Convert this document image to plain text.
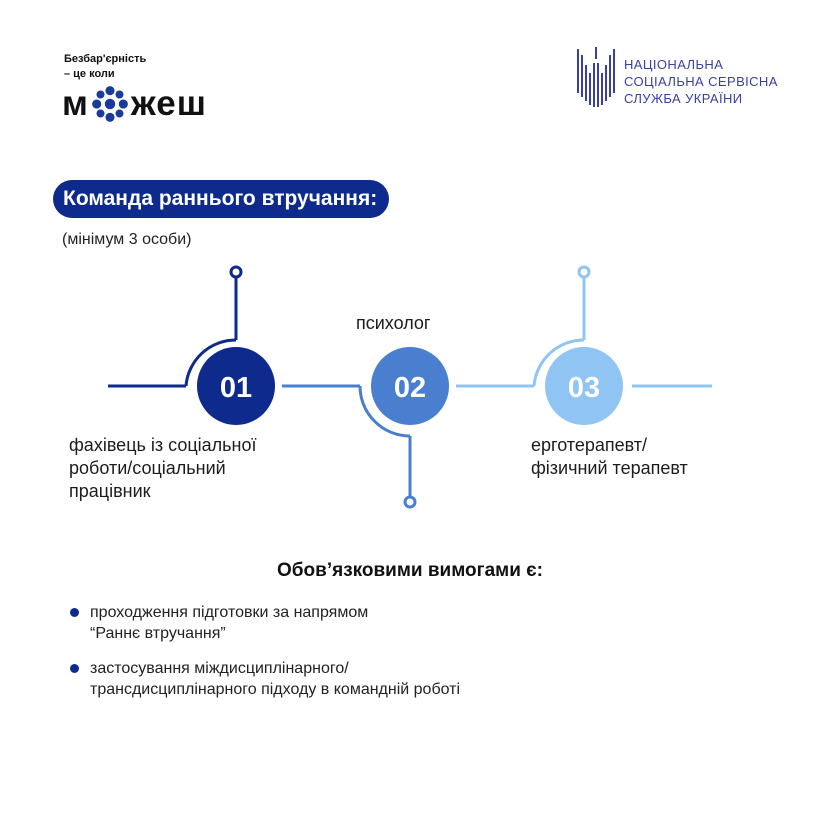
Безбар'єрність
– це коли
м жеш
НАЦІОНАЛЬНА
СОЦІАЛЬНА СЕРВІСНА
СЛУЖБА УКРАЇНИ
Команда раннього втручання:
(мінімум 3 особи)
01	02	03
фахівець із соціальної
роботи/соціальний
працівник
психолог
ерготерапевт/
фізичний терапевт
Обов’язковими вимогами є:
проходження підготовки за напрямом
“Раннє втручання”
застосування міждисциплінарного/
трансдисциплінарного підходу в командній роботі
